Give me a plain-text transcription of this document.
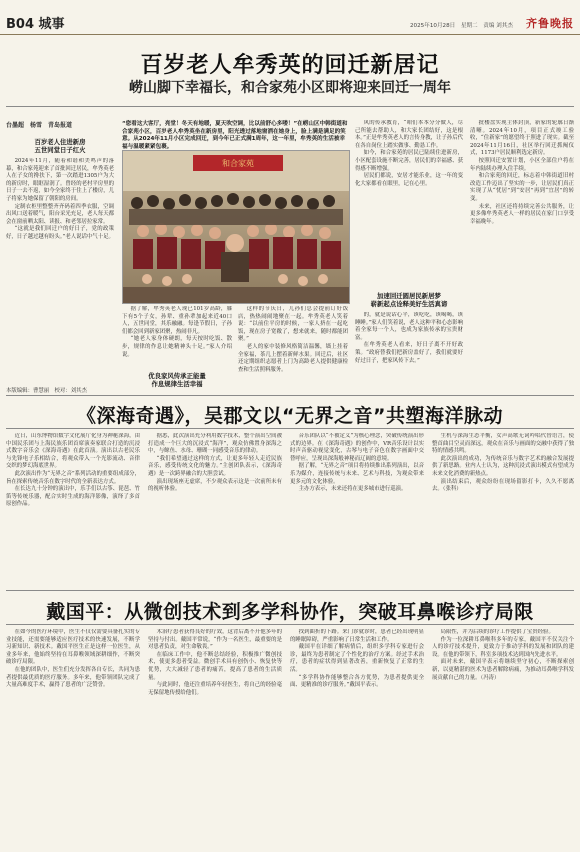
B04 城事	2025年10月28日　星期二　责编 刘其杰 齐鲁晚报
百岁老人牟秀英的回迁新居记
崂山脚下幸福长，和合家苑小区即将迎来回迁一周年
台墨超　杨雪　青岛报道
百岁老人住进新房
五世同堂日子红火

2024年11月，随着和谐和美鸣声的落幕，和合家苑迎来了首批回迁居民，牟秀英老人在子女的搀扶下，第一次踏进1305户为大的新房时，眼眶湿润了。曾经的老村平房里的日子一去不返，如今全家终于住上了楼房，儿子将家为她保留了朝阳的房间。

定制衣柜里整整齐齐码着四季衣服，空调出风口送着暖气，阳台采光充足，老人每天都会在窗前晒太阳、读报、和老邻居拉家常。

“这就是我们回迁户的好日子，党的政策好，日子越过越有盼头。”老人说话中气十足。

“您看这大客厅，亮堂！冬天有地暖，夏天吹空调，比以前舒心多喽！”在崂山区中韩街道和合家苑小区，百岁老人牟秀英坐在新房里，阳光透过落地窗洒在她身上，脸上满是满足的笑意。从2024年11月小区完成回迁，到今年已正式满1周年，这一年里，牟秀英的生活被幸福与温暖紧紧包裹。
和合家苑

据了解，牟秀英老人现已101岁高龄，膝下有5个子女，孙辈、重孙辈加起来近40口人，五世同堂，其乐融融。每逢节假日，子孙们都会回到新家团聚，热闹非凡。

“她老人家身体硬朗，每天按时吃饭、散步，规律的作息让她精神头十足。”家人介绍说。

优良家风传承正能量
作息规律生活幸福

这样的节庆日，儿孙们总会提前订好饭店，热热闹闹地聚在一起。牟秀英老人笑着说：“以前住平房的时候，一家人挤在一起吃饭，现在房子宽敞了，想来就来，随时都能团聚。”

老人的家中装修风格简洁温馨，墙上挂着全家福，茶几上摆着新鲜水果。回迁后，社区还定期组织志愿者上门为高龄老人提供健康检查和生活照料服务。

风的传承教育，“咱们本本分分做人，尽己所能去帮助人，和大家长团结好，这是根本。”正是牟秀英老人的言传身教，让子孙后代在各自岗位上踏实做事、勤恳工作。

如今，和合家苑的居民已陆续住进新房，小区配套设施不断完善，居民们的幸福感、获得感不断增强。

居民们都说，安居才能乐业，这一年的变化大家都看在眼里，记在心里。

加速回迁圆居民新居梦
崭新起点诠释美好生活真谛

的，就是说话心平，该吃吃，该喝喝，该睡睡。”家人们笑着说，老人这种平和心态影响着全家每一个人，也成为家族传承的宝贵财富。

在牟秀英老人看来，好日子离不开好政策。“政府替我们把新房盖好了，我们就要好好过日子，把家风传下去。”

批楼盘实现主体封顶，新家的轮廓日渐清晰。2024年10月，项目正式竣工验收，“住新家”的愿望终于照进了现实。截至2024年11月16日，社区举行回迁抓阄仪式，1173户居民顺利选定新房。

按照回迁安置计划，小区全部住户将在年内陆续办理入住手续。

和合家苑的回迁，标志着中韩街道旧村改造工作迈出了坚实的一步，让居民们真正实现了从“忧居”到“安居”再到“宜居”的转变。

未来，社区还将持续完善公共服务，让更多像牟秀英老人一样的居民在家门口享受幸福晚年。

本版编辑：曹慧丽　校对：刘其杰
《深海奇遇》，吴郡文以“无界之音”共塑海洋脉动

近日，山东博物馆数字文化展厅化身为神秘深海，由中国民乐团与上海民族乐团首席演奏家联合打造的沉浸式数字音乐会《深海奇遇》在此首演。演出以古老民乐与先锋电子乐相结合，将观众带入一个光影流动、音律交织的梦幻海底世界。

此次演出作为“无界之音”系列活动的重要组成部分，旨在探索传统音乐在数字时代的全新表达方式。

在长达九十分钟的演出中，乐手们以古筝、琵琶、竹笛等传统乐器，配合实时生成的海洋影像，演绎了多首原创作品。

据悉，此次演出充分利用数字技术，整个演出空间被打造成一个巨大的沉浸式“海洋”，观众仿佛置身深海之中，与鲸鱼、水母、珊瑚一同感受音乐的律动。

“我们希望通过这样的方式，让更多年轻人走近民族音乐，感受传统文化的魅力。”主创团队表示，《深海奇遇》是一次跨界融合的大胆尝试。

演出现场座无虚席，不少观众表示这是一次前所未有的视听体验。

音乐团队以“不被定义”为核心理念，突破传统演出形式的边界。在《深海奇遇》的创作中，VR音乐设计以实时声音驱动视觉变化，古琴与电子音色在数字画面中交替呼应，呈现出深海般神秘而辽阔的意境。

据了解，“无界之音”项目将持续推出系列演出，以音乐为媒介，连接传统与未来、艺术与科技，为观众带来更多元的文化体验。

主办方表示，未来还将在更多城市进行巡演。

生机与深海生态平衡，女声高歌无词吟唱代替语言，使整首曲目空灵而深远，观众在音乐与画面的交融中获得了独特的情感共鸣。

此次演出的成功，为传统音乐与数字艺术的融合发展提供了新思路。业内人士认为，这种沉浸式演出模式有望成为未来文化消费的新热点。

演出结束后，观众纷纷在现场留影打卡，久久不愿离去。（张科）

戴国平：从微创技术到多学科协作，突破耳鼻喉诊疗局限

在如今的医疗环境中，医生不仅仅需要具备扎实的专业技能，还需要能够适应医疗技术的快速发展，不断学习新知识、新技术。戴国平医生正是这样一位医生，从业多年来，他始终坚持在耳鼻喉领域深耕细作，不断突破诊疗局限。

在他的团队中，医生们充分发挥各自专长，共同为患者提供最优质的医疗服务。多年来，他带领团队完成了大量高难度手术，赢得了患者的广泛赞誉。

术治疗患者获得良好的疗效，这背后离不开他多年的坚持与付出。戴国平常说，“作为一名医生，最重要的是对患者负责，对生命敬畏。”

在临床工作中，他不断总结经验，积极推广微创技术，使更多患者受益。微创手术具有创伤小、恢复快等优势，大大减轻了患者的痛苦，提高了患者的生活质量。

与此同时，他还注重培养年轻医生，将自己的经验毫无保留地传授给他们。

找到曲折的下路。来门诊就诊时，患者已经出现明显的睡眠障碍，严重影响了日常生活和工作。

戴国平在详细了解病情后，组织多学科专家进行会诊，最终为患者制定了个性化的治疗方案。经过手术治疗，患者的症状得到显著改善，重新恢复了正常的生活。

“多学科协作能够整合各方优势，为患者提供更全面、更精准的诊疗服务。”戴国平表示。

局限性，并为后续的诊疗工作提供了宝贵经验。

作为一位深耕耳鼻喉科多年的专家，戴国平不仅关注个人的诊疗技术提升，更致力于推动学科的发展和团队的建设。在他的带领下，科室多项技术达到国内先进水平。

面对未来，戴国平表示将继续坚守初心，不断探索创新，以更精湛的医术为患者解除病痛，为推动耳鼻喉学科发展贡献自己的力量。（冯涛）
